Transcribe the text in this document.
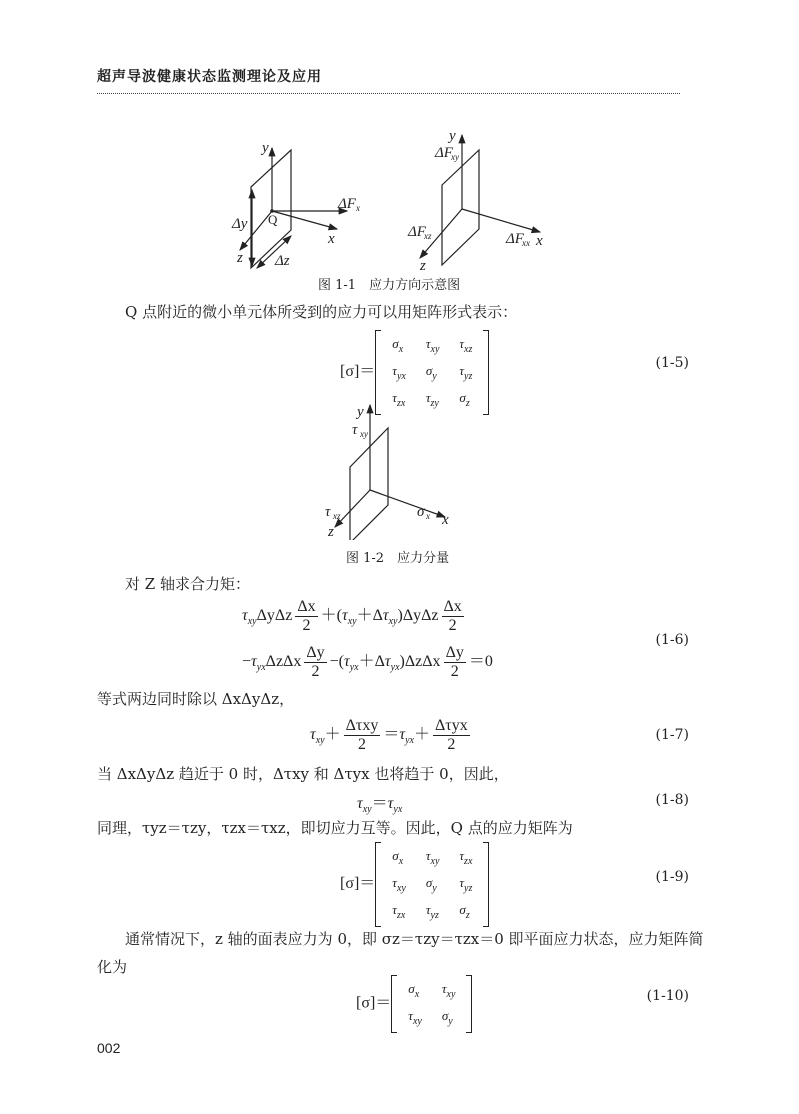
超声导波健康状态监测理论及应用
y
ΔF x
Q
Δy
z Δz
x
y
ΔF
xy
ΔF
xz	ΔF
xx x
z
图 1-1　应力方向示意图
Q 点附近的微小单元体所受到的应力可以用矩阵形式表示：
[σ]＝
$\sigma_x$	$\tau_{xy}$	$\tau_{xz}$
$\tau_{yx}$	$\sigma_y$	$\tau_{yz}$
$\tau_{zx}$	$\tau_{zy}$	$\sigma_z$
(1-5)
y
τ xy
τ xz	σ x x
z
图 1-2　应力分量
对 Z 轴求合力矩：
$\tau_{xy}\Delta y\Delta z \frac{\Delta x}{2} +(\tau_{xy}+\Delta\tau_{xy})\Delta y\Delta z \frac{\Delta x}{2}$
$-\tau_{yx}\Delta z\Delta x \frac{\Delta y}{2} -(\tau_{yx}+\Delta\tau_{yx})\Delta z\Delta x \frac{\Delta y}{2} =0$
(1-6)
等式两边同时除以 ΔxΔyΔz，
$\tau_{xy}+ \frac{\text{Δτxy}}{2} =\tau_{yx}+ \frac{\text{Δτyx}}{2}$	(1-7)
当 ΔxΔyΔz 趋近于 0 时，Δτxy 和 Δτyx 也将趋于 0，因此，
$\tau_{xy}=\tau_{yx}$
(1-8)
同理，τyz＝τzy，τzx＝τxz，即切应力互等。因此，Q 点的应力矩阵为
[σ]＝
$\sigma_x$	$\tau_{xy}$	$\tau_{zx}$
$\tau_{xy}$	$\sigma_y$	$\tau_{yz}$
$\tau_{zx}$	$\tau_{yz}$	$\sigma_z$
(1-9)
通常情况下，z 轴的面表应力为 0，即 σz＝τzy＝τzx＝0 即平面应力状态，应力矩阵简
化为
[σ]＝
$\sigma_x$	$\tau_{xy}$
$\tau_{xy}$	$\sigma_y$
(1-10)
002
